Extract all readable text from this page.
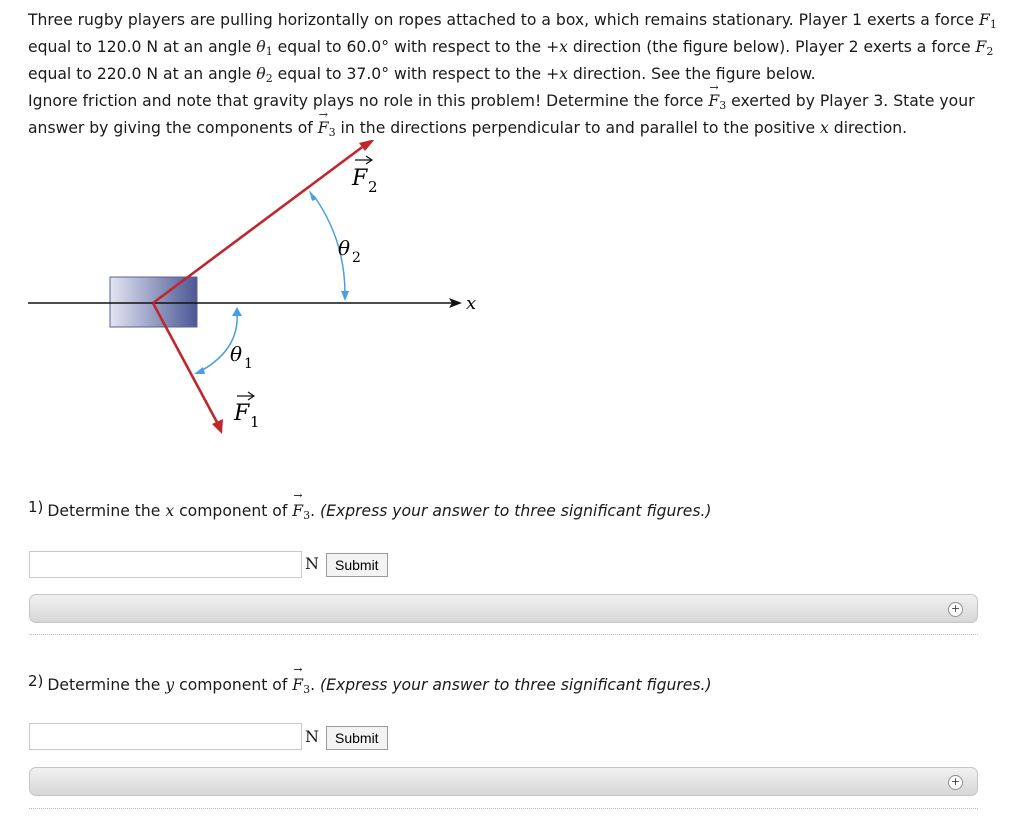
Three rugby players are pulling horizontally on ropes attached to a box, which remains stationary. Player 1 exerts a force $F_1$ equal to 120.0 N at an angle $\theta_1$ equal to 60.0° with respect to the +x direction (the figure below). Player 2 exerts a force $F_2$ equal to 220.0 N at an angle $\theta_2$ equal to 37.0° with respect to the +x direction. See the figure below.
Ignore friction and note that gravity plays no role in this problem! Determine the force → $F_3$ exerted by Player 3. State your answer by giving the components of → $F_3$ in the directions perpendicular to and parallel to the positive x direction.
x
θ 2
θ 1
F 2
F 1
1) Determine the x component of → $F_3$. (Express your answer to three significant figures.)
N	Submit
+
2) Determine the y component of → $F_3$. (Express your answer to three significant figures.)
N	Submit
+
